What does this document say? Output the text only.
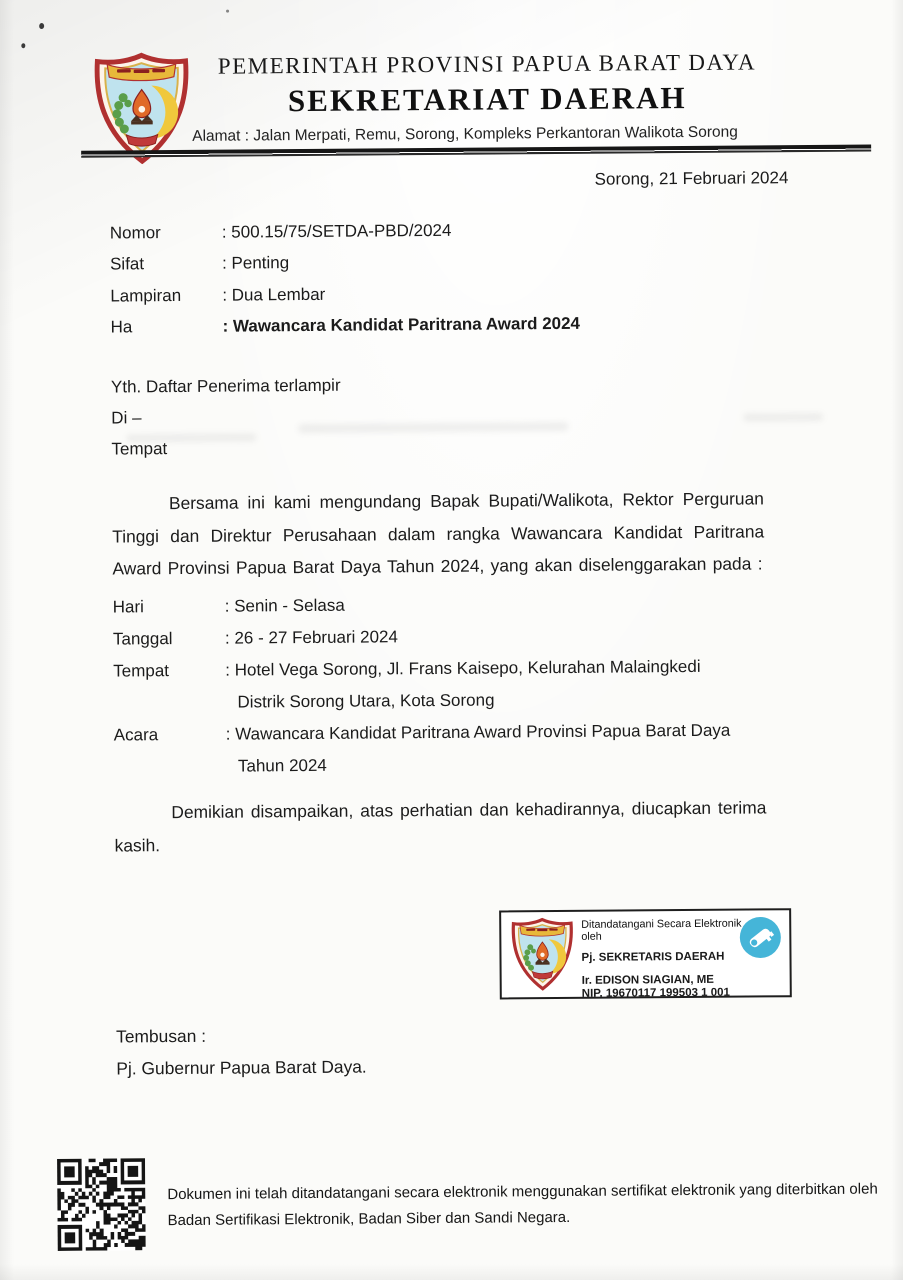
PEMERINTAH PROVINSI PAPUA BARAT DAYA
SEKRETARIAT DAERAH
Alamat : Jalan Merpati, Remu, Sorong, Kompleks Perkantoran Walikota Sorong
Sorong, 21 Februari 2024
Nomor	: 500.15/75/SETDA-PBD/2024
Sifat	: Penting
Lampiran	: Dua Lembar
Ha	: Wawancara Kandidat Paritrana Award 2024
Yth. Daftar Penerima terlampir
Di –
Tempat
Bersama ini kami mengundang Bapak Bupati/Walikota, Rektor Perguruan Tinggi dan Direktur Perusahaan dalam rangka Wawancara Kandidat Paritrana Award Provinsi Papua Barat Daya Tahun 2024, yang akan diselenggarakan pada :
Hari	: Senin - Selasa
Tanggal	: 26 - 27 Februari 2024
Tempat	: Hotel Vega Sorong, Jl. Frans Kaisepo, Kelurahan Malaingkedi
Distrik Sorong Utara, Kota Sorong
Acara	: Wawancara Kandidat Paritrana Award Provinsi Papua Barat Daya
Tahun 2024
Demikian disampaikan, atas perhatian dan kehadirannya, diucapkan terima kasih.
Ditandatangani Secara Elektronik oleh
Pj. SEKRETARIS DAERAH
Ir. EDISON SIAGIAN, ME
NIP. 19670117 199503 1 001
Tembusan :
Pj. Gubernur Papua Barat Daya.
Dokumen ini telah ditandatangani secara elektronik menggunakan sertifikat elektronik yang diterbitkan oleh Badan Sertifikasi Elektronik, Badan Siber dan Sandi Negara.
